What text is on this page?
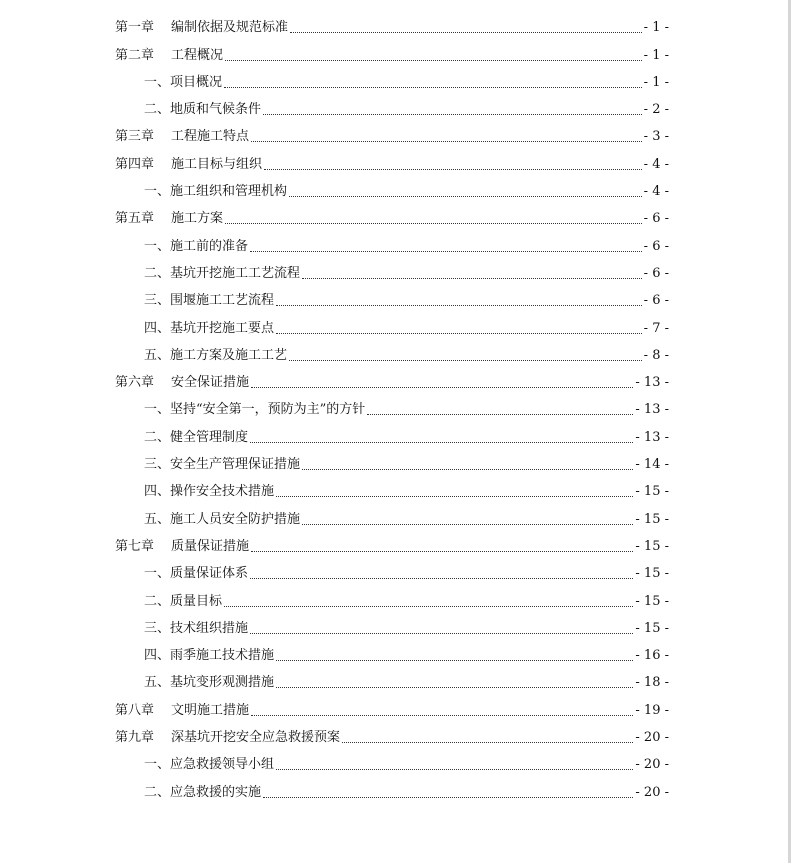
第一章 编制依据及规范标准	- 1 -
第二章 工程概况	- 1 -
一、项目概况	- 1 -
二、地质和气候条件	- 2 -
第三章 工程施工特点	- 3 -
第四章 施工目标与组织	- 4 -
一、施工组织和管理机构	- 4 -
第五章 施工方案	- 6 -
一、施工前的准备	- 6 -
二、基坑开挖施工工艺流程	- 6 -
三、围堰施工工艺流程	- 6 -
四、基坑开挖施工要点	- 7 -
五、施工方案及施工工艺	- 8 -
第六章 安全保证措施	- 13 -
一、坚持“安全第一，预防为主”的方针	- 13 -
二、健全管理制度	- 13 -
三、安全生产管理保证措施	- 14 -
四、操作安全技术措施	- 15 -
五、施工人员安全防护措施	- 15 -
第七章 质量保证措施	- 15 -
一、质量保证体系	- 15 -
二、质量目标	- 15 -
三、技术组织措施	- 15 -
四、雨季施工技术措施	- 16 -
五、基坑变形观测措施	- 18 -
第八章 文明施工措施	- 19 -
第九章 深基坑开挖安全应急救援预案	- 20 -
一、应急救援领导小组	- 20 -
二、应急救援的实施	- 20 -
